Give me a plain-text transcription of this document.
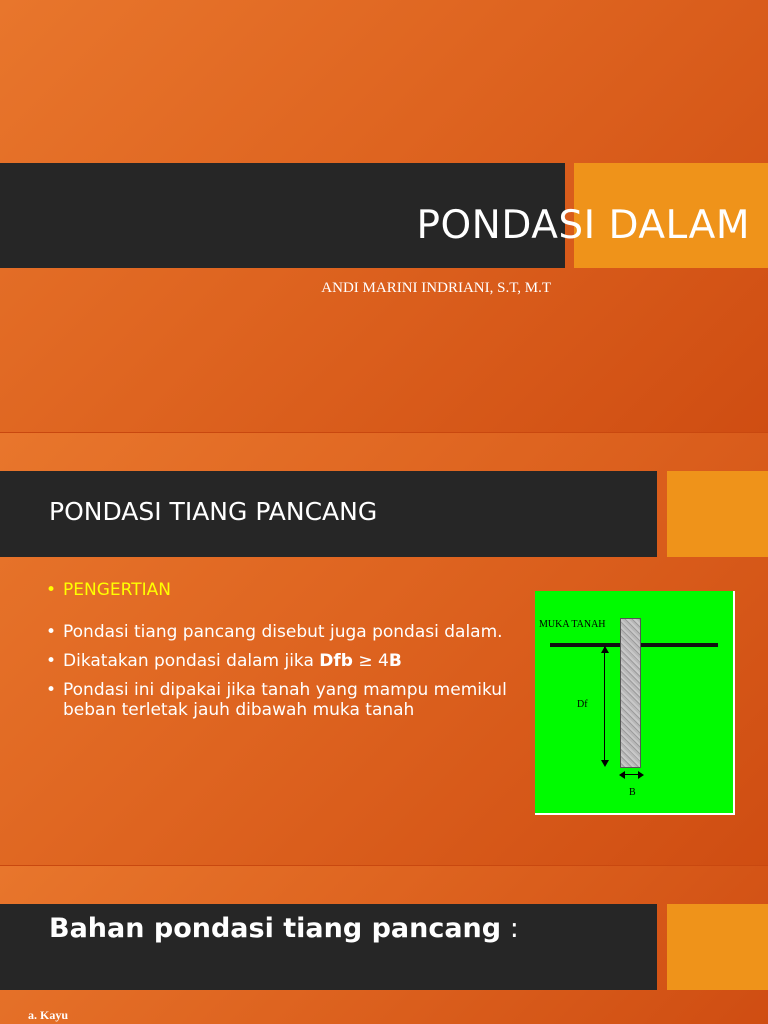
PONDASI DALAM
ANDI MARINI INDRIANI, S.T, M.T
PONDASI TIANG PANCANG
• PENGERTIAN
• Pondasi tiang pancang disebut juga pondasi dalam.
• Dikatakan pondasi dalam jika Dfb ≥ 4B
• Pondasi ini dipakai jika tanah yang mampu memikul beban terletak jauh dibawah muka tanah
MUKA TANAH
Df
B
Bahan pondasi tiang pancang :
a. Kayu
